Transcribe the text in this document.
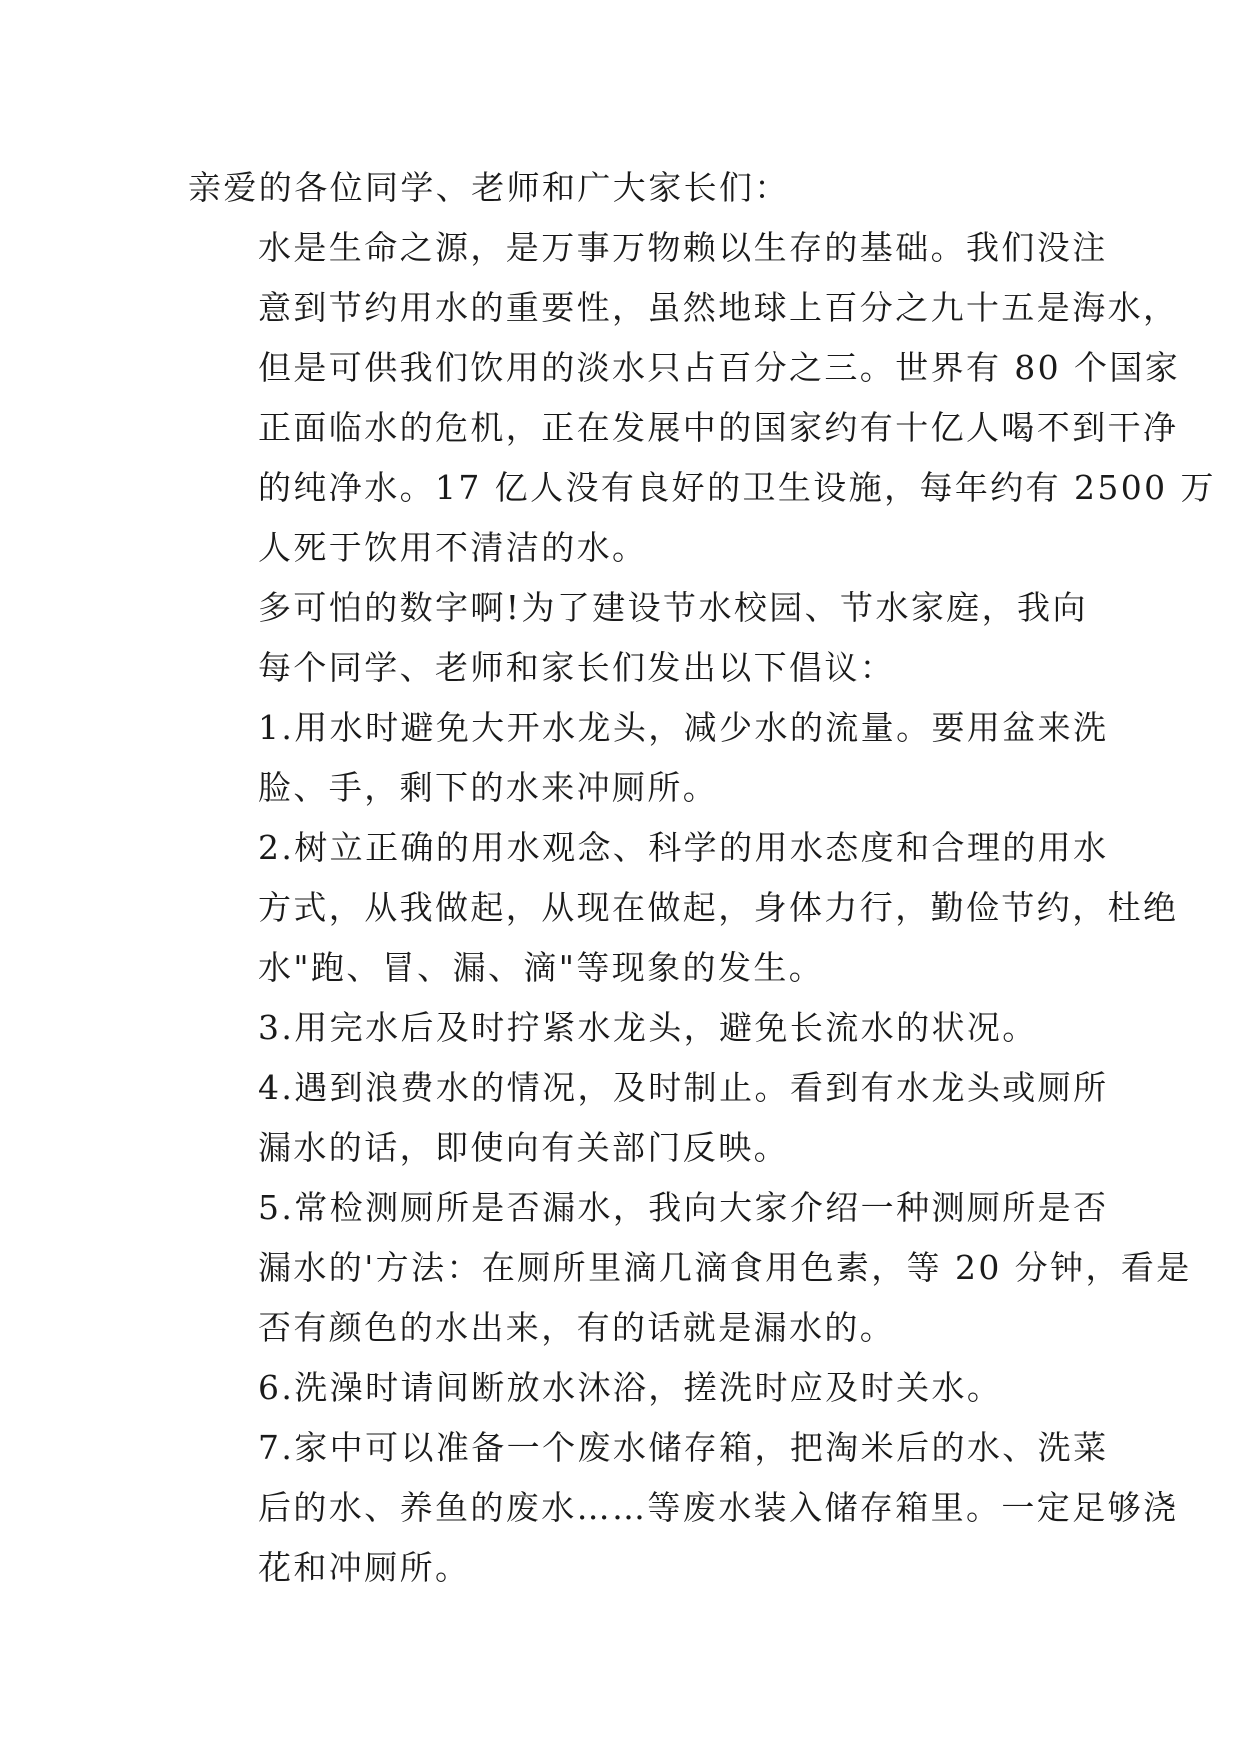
亲爱的各位同学、老师和广大家长们：

水是生命之源，是万事万物赖以生存的基础。我们没注
意到节约用水的重要性，虽然地球上百分之九十五是海水，
但是可供我们饮用的淡水只占百分之三。世界有 80 个国家
正面临水的危机，正在发展中的国家约有十亿人喝不到干净
的纯净水。17 亿人没有良好的卫生设施，每年约有 2500 万
人死于饮用不清洁的水。

多可怕的数字啊!为了建设节水校园、节水家庭，我向
每个同学、老师和家长们发出以下倡议：

1.用水时避免大开水龙头，减少水的流量。要用盆来洗
脸、手，剩下的水来冲厕所。

2.树立正确的用水观念、科学的用水态度和合理的用水
方式，从我做起，从现在做起，身体力行，勤俭节约，杜绝
水"跑、冒、漏、滴"等现象的发生。

3.用完水后及时拧紧水龙头，避免长流水的状况。

4.遇到浪费水的情况，及时制止。看到有水龙头或厕所
漏水的话，即使向有关部门反映。

5.常检测厕所是否漏水，我向大家介绍一种测厕所是否
漏水的'方法：在厕所里滴几滴食用色素，等 20 分钟，看是
否有颜色的水出来，有的话就是漏水的。

6.洗澡时请间断放水沐浴，搓洗时应及时关水。

7.家中可以准备一个废水储存箱，把淘米后的水、洗菜
后的水、养鱼的废水……等废水装入储存箱里。一定足够浇
花和冲厕所。
